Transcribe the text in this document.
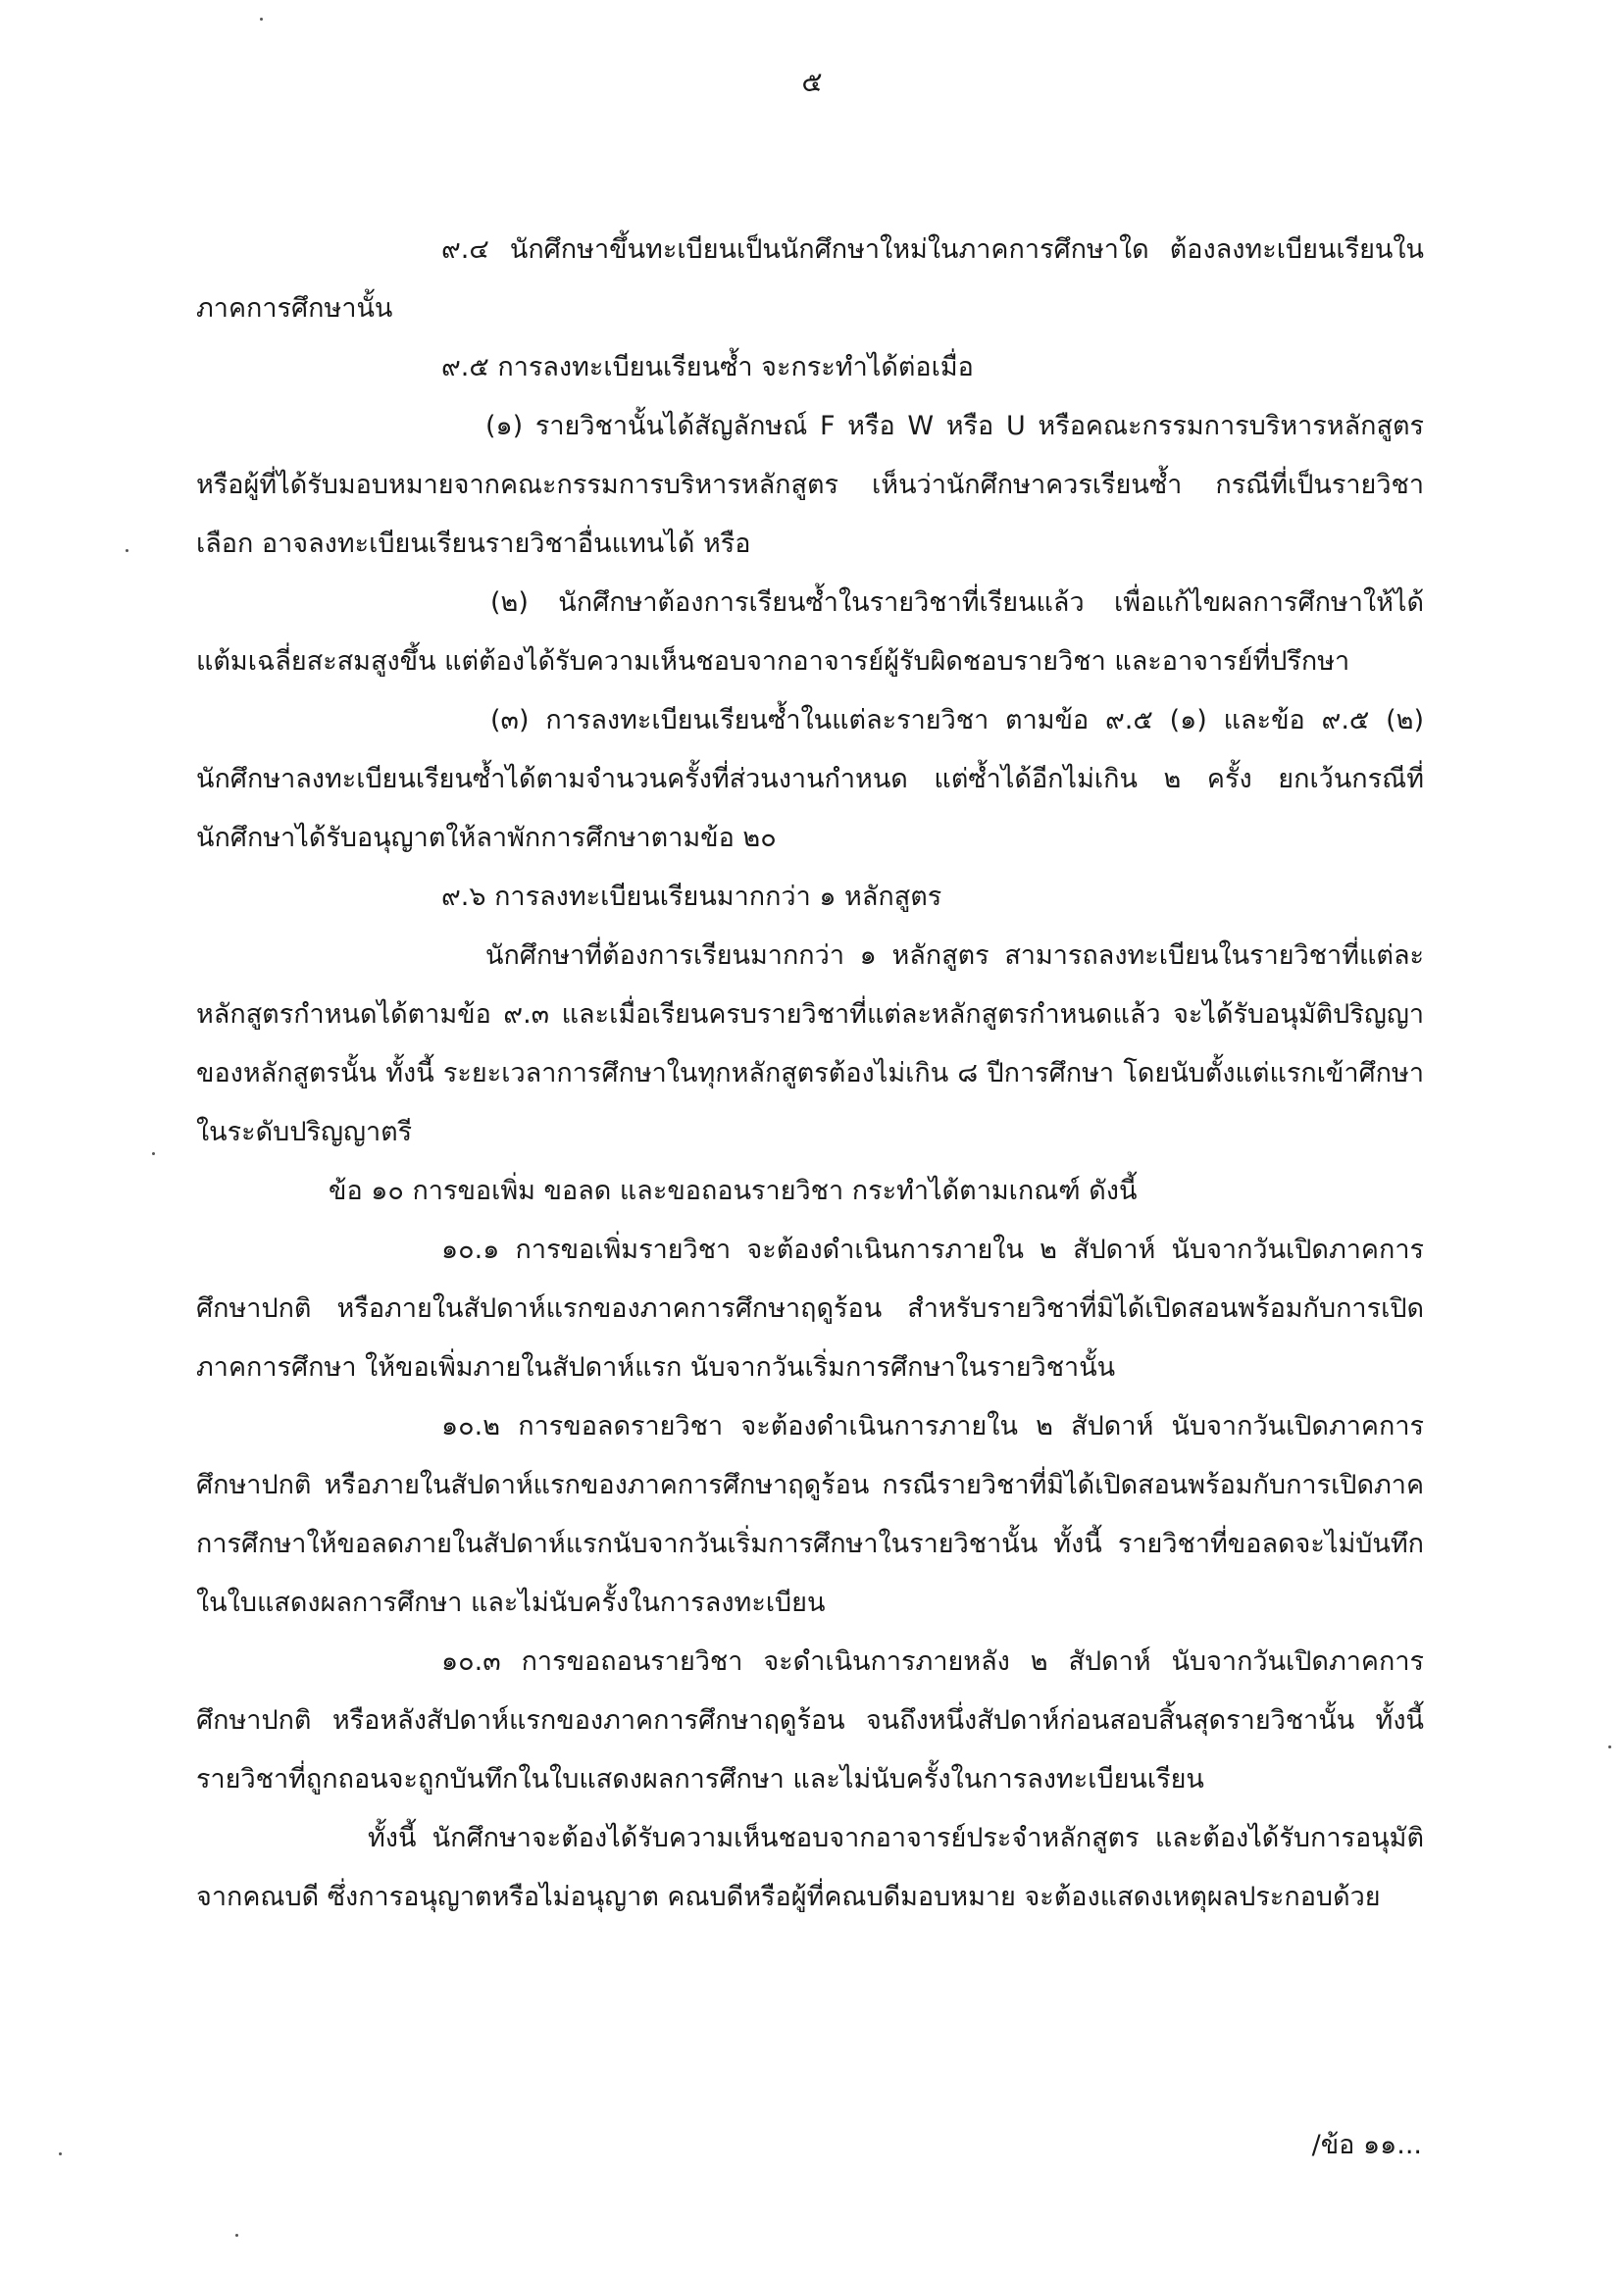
๕

๙.๔ นักศึกษาขึ้นทะเบียนเป็นนักศึกษาใหม่ในภาคการศึกษาใด ต้องลงทะเบียนเรียนในภาคการศึกษานั้น

๙.๕ การลงทะเบียนเรียนซ้ำ จะกระทำได้ต่อเมื่อ

(๑) รายวิชานั้นได้สัญลักษณ์ F หรือ W หรือ U หรือคณะกรรมการบริหารหลักสูตร หรือผู้ที่ได้รับมอบหมายจากคณะกรรมการบริหารหลักสูตร เห็นว่านักศึกษาควรเรียนซ้ำ กรณีที่เป็นรายวิชาเลือก อาจลงทะเบียนเรียนรายวิชาอื่นแทนได้ หรือ

(๒) นักศึกษาต้องการเรียนซ้ำในรายวิชาที่เรียนแล้ว เพื่อแก้ไขผลการศึกษาให้ได้แต้มเฉลี่ยสะสมสูงขึ้น แต่ต้องได้รับความเห็นชอบจากอาจารย์ผู้รับผิดชอบรายวิชา และอาจารย์ที่ปรึกษา

(๓) การลงทะเบียนเรียนซ้ำในแต่ละรายวิชา ตามข้อ ๙.๕ (๑) และข้อ ๙.๕ (๒) นักศึกษาลงทะเบียนเรียนซ้ำได้ตามจำนวนครั้งที่ส่วนงานกำหนด แต่ซ้ำได้อีกไม่เกิน ๒ ครั้ง ยกเว้นกรณีที่นักศึกษาได้รับอนุญาตให้ลาพักการศึกษาตามข้อ ๒๐

๙.๖ การลงทะเบียนเรียนมากกว่า ๑ หลักสูตร

นักศึกษาที่ต้องการเรียนมากกว่า ๑ หลักสูตร สามารถลงทะเบียนในรายวิชาที่แต่ละหลักสูตรกำหนดได้ตามข้อ ๙.๓ และเมื่อเรียนครบรายวิชาที่แต่ละหลักสูตรกำหนดแล้ว จะได้รับอนุมัติปริญญาของหลักสูตรนั้น ทั้งนี้ ระยะเวลาการศึกษาในทุกหลักสูตรต้องไม่เกิน ๘ ปีการศึกษา โดยนับตั้งแต่แรกเข้าศึกษาในระดับปริญญาตรี

ข้อ ๑๐ การขอเพิ่ม ขอลด และขอถอนรายวิชา กระทำได้ตามเกณฑ์ ดังนี้

๑๐.๑ การขอเพิ่มรายวิชา จะต้องดำเนินการภายใน ๒ สัปดาห์ นับจากวันเปิดภาคการศึกษาปกติ หรือภายในสัปดาห์แรกของภาคการศึกษาฤดูร้อน สำหรับรายวิชาที่มิได้เปิดสอนพร้อมกับการเปิดภาคการศึกษา ให้ขอเพิ่มภายในสัปดาห์แรก นับจากวันเริ่มการศึกษาในรายวิชานั้น

๑๐.๒ การขอลดรายวิชา จะต้องดำเนินการภายใน ๒ สัปดาห์ นับจากวันเปิดภาคการศึกษาปกติ หรือภายในสัปดาห์แรกของภาคการศึกษาฤดูร้อน กรณีรายวิชาที่มิได้เปิดสอนพร้อมกับการเปิดภาคการศึกษาให้ขอลดภายในสัปดาห์แรกนับจากวันเริ่มการศึกษาในรายวิชานั้น ทั้งนี้ รายวิชาที่ขอลดจะไม่บันทึกในใบแสดงผลการศึกษา และไม่นับครั้งในการลงทะเบียน

๑๐.๓ การขอถอนรายวิชา จะดำเนินการภายหลัง ๒ สัปดาห์ นับจากวันเปิดภาคการศึกษาปกติ หรือหลังสัปดาห์แรกของภาคการศึกษาฤดูร้อน จนถึงหนึ่งสัปดาห์ก่อนสอบสิ้นสุดรายวิชานั้น ทั้งนี้รายวิชาที่ถูกถอนจะถูกบันทึกในใบแสดงผลการศึกษา และไม่นับครั้งในการลงทะเบียนเรียน

ทั้งนี้ นักศึกษาจะต้องได้รับความเห็นชอบจากอาจารย์ประจำหลักสูตร และต้องได้รับการอนุมัติจากคณบดี ซึ่งการอนุญาตหรือไม่อนุญาต คณบดีหรือผู้ที่คณบดีมอบหมาย จะต้องแสดงเหตุผลประกอบด้วย

/ข้อ ๑๑...
